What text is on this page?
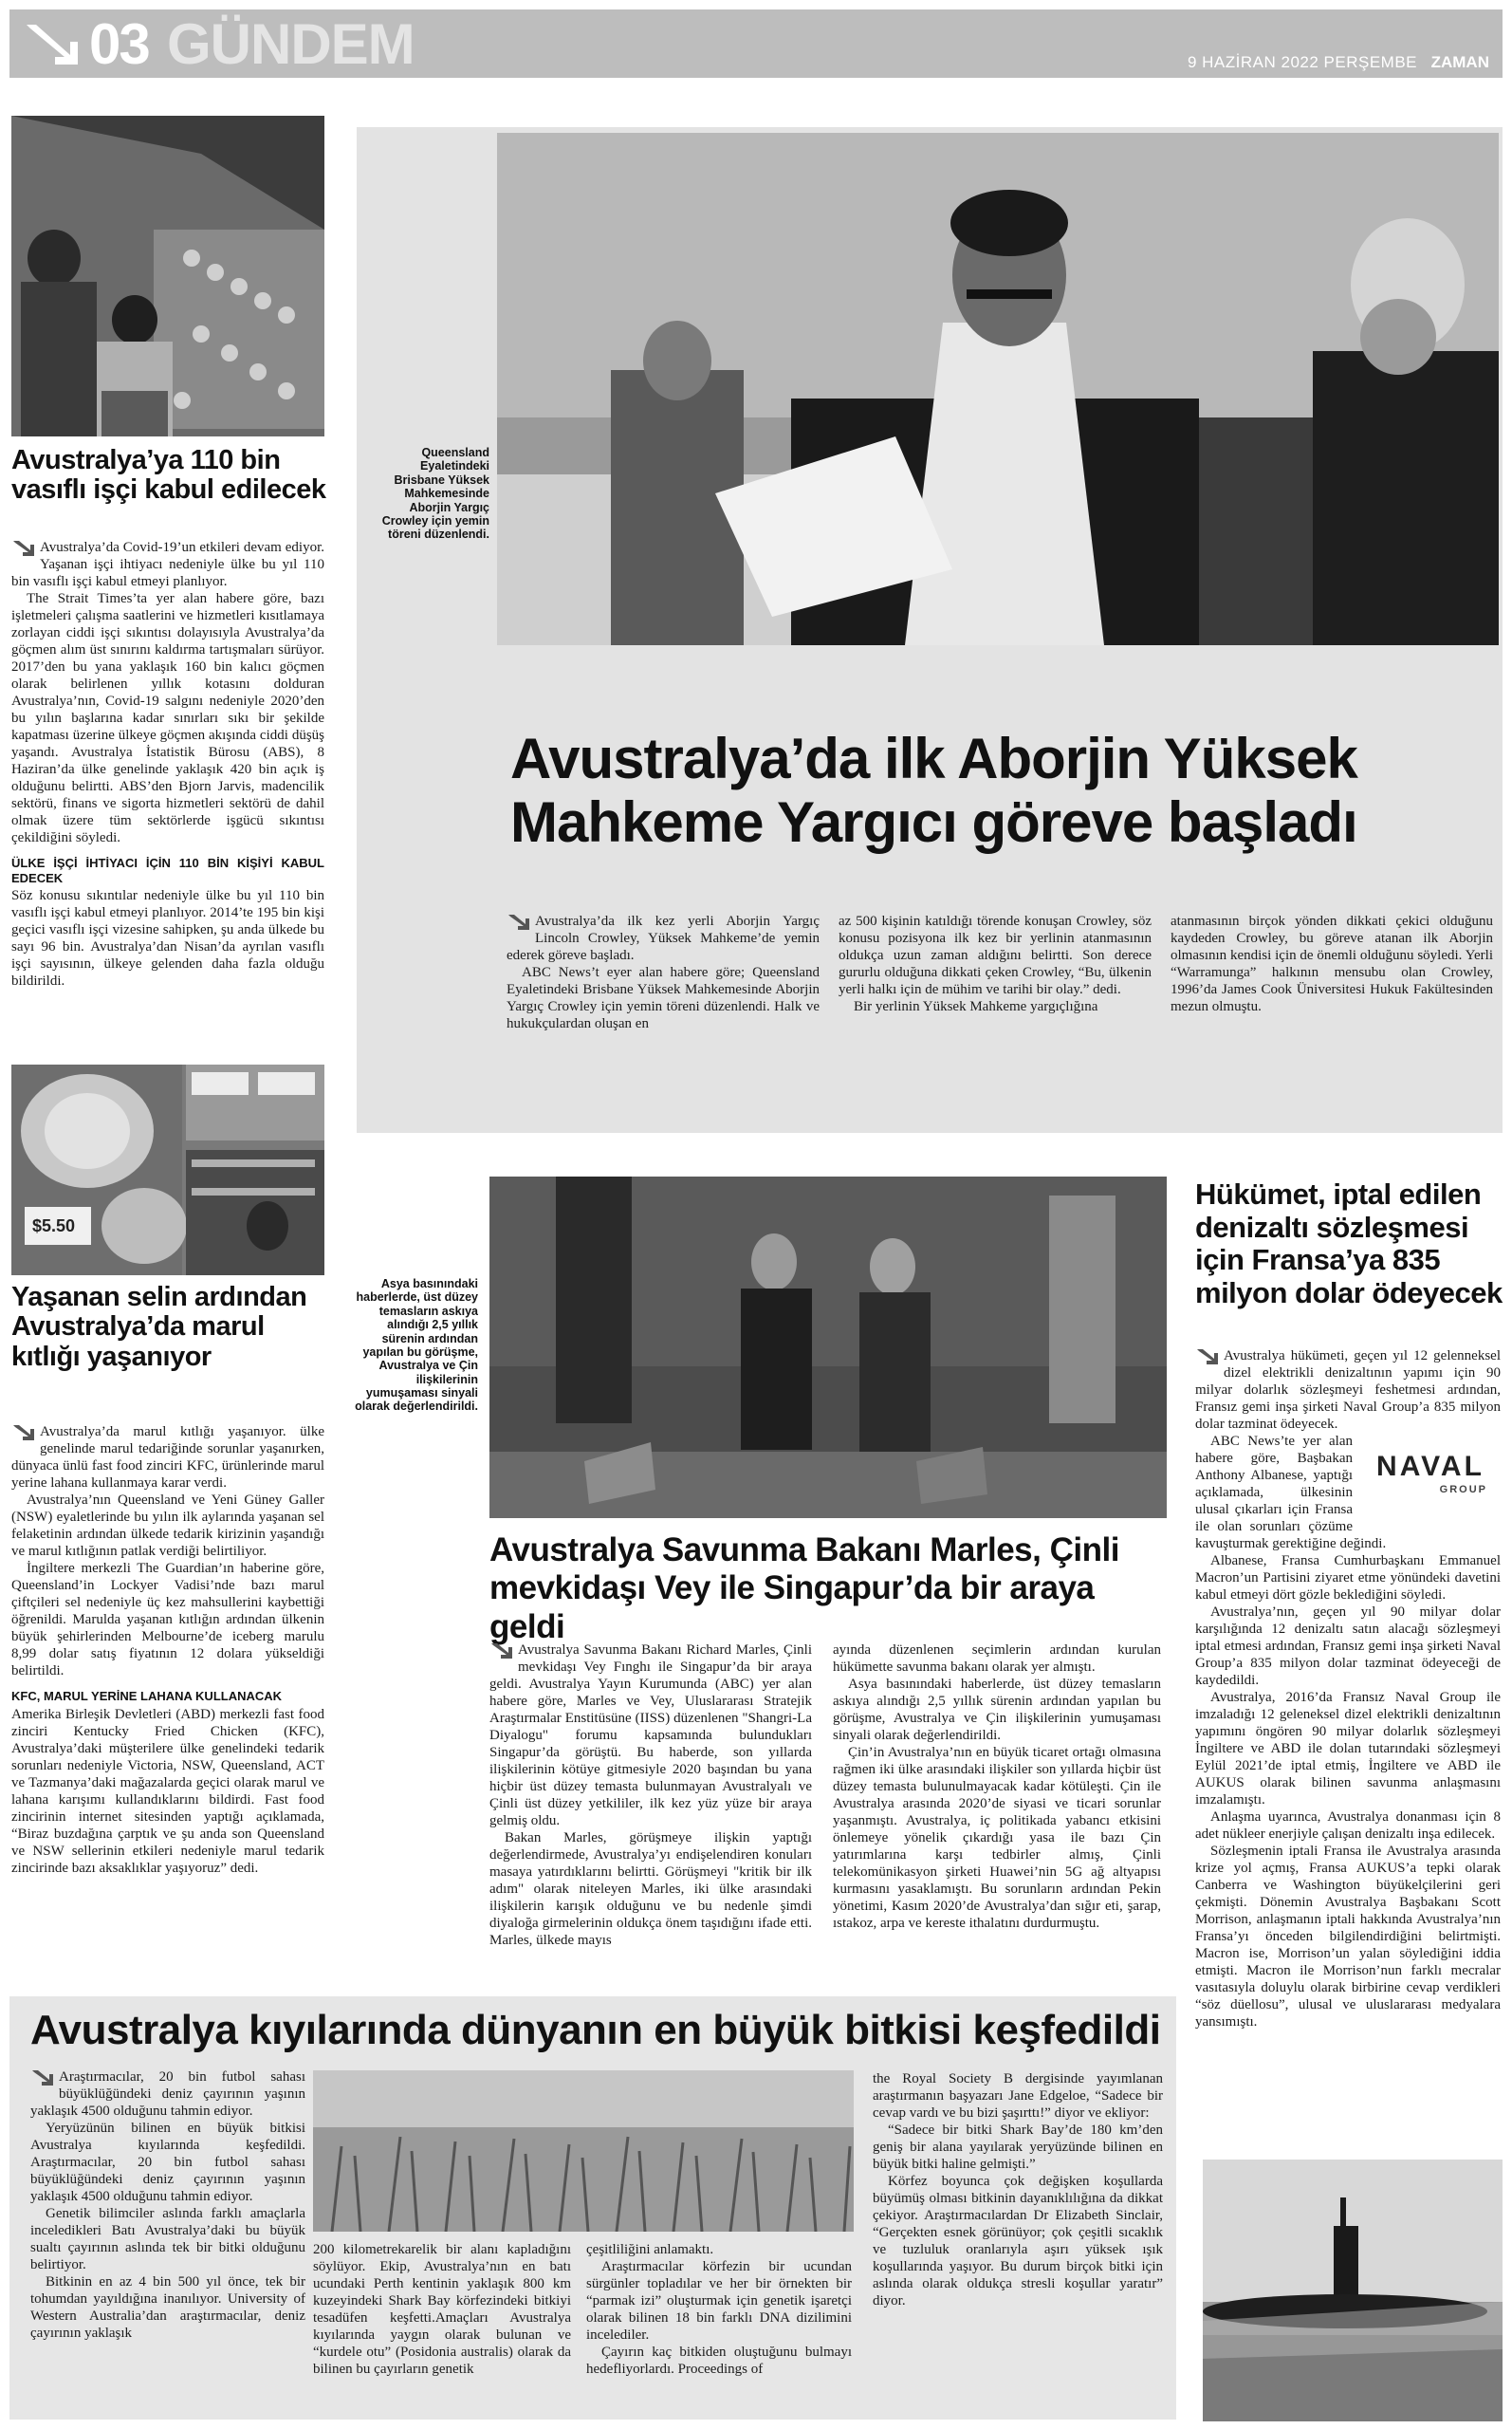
03 GÜNDEM	9 HAZİRAN 2022 PERŞEMBE ZAMAN
Avustralya’ya 110 bin vasıflı işçi kabul edilecek

Avustralya’da Covid-19’un etkileri devam ediyor. Yaşanan işçi ihtiyacı nedeniyle ülke bu yıl 110 bin vasıflı işçi kabul etmeyi planlıyor.

The Strait Times’ta yer alan habere göre, bazı işletmeleri çalışma saatlerini ve hizmetleri kısıtlamaya zorlayan ciddi işçi sıkıntısı dolayısıyla Avustralya’da göçmen alım üst sınırını kaldırma tartışmaları sürüyor. 2017’den bu yana yaklaşık 160 bin kalıcı göçmen olarak belirlenen yıllık kotasını dolduran Avustralya’nın, Covid-19 salgını nedeniyle 2020’den bu yılın başlarına kadar sınırları sıkı bir şekilde kapatması üzerine ülkeye göçmen akışında ciddi düşüş yaşandı. Avustralya İstatistik Bürosu (ABS), 8 Haziran’da ülke genelinde yaklaşık 420 bin açık iş olduğunu belirtti. ABS’den Bjorn Jarvis, madencilik sektörü, finans ve sigorta hizmetleri sektörü de dahil olmak üzere tüm sektörlerde işgücü sıkıntısı çekildiğini söyledi.

ÜLKE İŞÇİ İHTİYACI İÇİN 110 BİN KİŞİYİ KABUL EDECEK

Söz konusu sıkıntılar nedeniyle ülke bu yıl 110 bin vasıflı işçi kabul etmeyi planlıyor. 2014’te 195 bin kişi geçici vasıflı işçi vizesine sahipken, şu anda ülkede bu sayı 96 bin. Avustralya’dan Nisan’da ayrılan vasıflı işçi sayısının, ülkeye gelenden daha fazla olduğu bildirildi.

Queensland Eyaletindeki Brisbane Yüksek Mahkemesinde Aborjin Yargıç Crowley için yemin töreni düzenlendi.
Avustralya’da ilk Aborjin Yüksek Mahkeme Yargıcı göreve başladı

Avustralya’da ilk kez yerli Aborjin Yargıç Lincoln Crowley, Yüksek Mahkeme’de yemin ederek göreve başladı.

ABC News’t eyer alan habere göre; Queensland Eyaletindeki Brisbane Yüksek Mahkemesinde Aborjin Yargıç Crowley için yemin töreni düzenlendi. Halk ve hukukçulardan oluşan en

az 500 kişinin katıldığı törende konuşan Crowley, söz konusu pozisyona ilk kez bir yerlinin atanmasının oldukça uzun zaman aldığını belirtti. Son derece gururlu olduğuna dikkati çeken Crowley, “Bu, ülkenin yerli halkı için de mühim ve tarihi bir olay.” dedi.

Bir yerlinin Yüksek Mahkeme yargıçlığına

atanmasının birçok yönden dikkati çekici olduğunu kaydeden Crowley, bu göreve atanan ilk Aborjin olmasının kendisi için de önemli olduğunu söyledi. Yerli “Warramunga” halkının mensubu olan Crowley, 1996’da James Cook Üniversitesi Hukuk Fakültesinden mezun olmuştu.

$5.50
Yaşanan selin ardından Avustralya’da marul kıtlığı yaşanıyor

Avustralya’da marul kıtlığı yaşanıyor. ülke genelinde marul tedariğinde sorunlar yaşanırken, dünyaca ünlü fast food zinciri KFC, ürünlerinde marul yerine lahana kullanmaya karar verdi.

Avustralya’nın Queensland ve Yeni Güney Galler (NSW) eyaletlerinde bu yılın ilk aylarında yaşanan sel felaketinin ardından ülkede tedarik kirizinin yaşandığı ve marul kıtlığının patlak verdiği belirtiliyor.

İngiltere merkezli The Guardian’ın haberine göre, Queensland’in Lockyer Vadisi’nde bazı marul çiftçileri sel nedeniyle üç kez mahsullerini kaybettiği öğrenildi. Marulda yaşanan kıtlığın ardından ülkenin büyük şehirlerinden Melbourne’de iceberg marulu 8,99 dolar satış fiyatının 12 dolara yükseldiği belirtildi.

KFC, MARUL YERİNE LAHANA KULLANACAK

Amerika Birleşik Devletleri (ABD) merkezli fast food zinciri Kentucky Fried Chicken (KFC), Avustralya’daki müşterilere ülke genelindeki tedarik sorunları nedeniyle Victoria, NSW, Queensland, ACT ve Tazmanya’daki mağazalarda geçici olarak marul ve lahana karışımı kullandıklarını bildirdi. Fast food zincirinin internet sitesinden yaptığı açıklamada, “Biraz buzdağına çarptık ve şu anda son Queensland ve NSW sellerinin etkileri nedeniyle marul tedarik zincirinde bazı aksaklıklar yaşıyoruz” dedi.

Asya basınındaki haberlerde, üst düzey temasların askıya alındığı 2,5 yıllık sürenin ardından yapılan bu görüşme, Avustralya ve Çin ilişkilerinin yumuşaması sinyali olarak değerlendirildi.
Avustralya Savunma Bakanı Marles, Çinli mevkidaşı Vey ile Singapur’da bir araya geldi

Avustralya Savunma Bakanı Richard Marles, Çinli mevkidaşı Vey Fınghı ile Singapur’da bir araya geldi. Avustralya Yayın Kurumunda (ABC) yer alan habere göre, Marles ve Vey, Uluslararası Stratejik Araştırmalar Enstitüsüne (IISS) düzenlenen "Shangri-La Diyalogu" forumu kapsamında bulundukları Singapur’da görüştü. Bu haberde, son yıllarda ilişkilerinin kötüye gitmesiyle 2020 başından bu yana hiçbir üst düzey temasta bulunmayan Avustralyalı ve Çinli üst düzey yetkililer, ilk kez yüz yüze bir araya gelmiş oldu.

Bakan Marles, görüşmeye ilişkin yaptığı değerlendirmede, Avustralya’yı endişelendiren konuları masaya yatırdıklarını belirtti. Görüşmeyi "kritik bir ilk adım" olarak niteleyen Marles, iki ülke arasındaki ilişkilerin karışık olduğunu ve bu nedenle şimdi diyaloğa girmelerinin oldukça önem taşıdığını ifade etti. Marles, ülkede mayıs

ayında düzenlenen seçimlerin ardından kurulan hükümette savunma bakanı olarak yer almıştı.

Asya basınındaki haberlerde, üst düzey temasların askıya alındığı 2,5 yıllık sürenin ardından yapılan bu görüşme, Avustralya ve Çin ilişkilerinin yumuşaması sinyali olarak değerlendirildi.

Çin’in Avustralya’nın en büyük ticaret ortağı olmasına rağmen iki ülke arasındaki ilişkiler son yıllarda hiçbir üst düzey temasta bulunulmayacak kadar kötüleşti. Çin ile Avustralya arasında 2020’de siyasi ve ticari sorunlar yaşanmıştı. Avustralya, iç politikada yabancı etkisini önlemeye yönelik çıkardığı yasa ile bazı Çin yatırımlarına karşı tedbirler almış, Çinli telekomünikasyon şirketi Huawei’nin 5G ağ altyapısı kurmasını yasaklamıştı. Bu sorunların ardından Pekin yönetimi, Kasım 2020’de Avustralya’dan sığır eti, şarap, ıstakoz, arpa ve kereste ithalatını durdurmuştu.

Hükümet, iptal edilen denizaltı sözleşmesi için Fransa’ya 835 milyon dolar ödeyecek

Avustralya hükümeti, geçen yıl 12 gelenneksel dizel elektrikli denizaltının yapımı için 90 milyar dolarlık sözleşmeyi feshetmesi ardından, Fransız gemi inşa şirketi Naval Group’a 835 milyon dolar tazminat ödeyecek.

NAVAL
GROUP

ABC News’te yer alan habere göre, Başbakan Anthony Albanese, yaptığı açıklamada, ülkesinin ulusal çıkarları için Fransa ile olan sorunları çözüme kavuşturmak gerektiğine değindi.

Albanese, Fransa Cumhurbaşkanı Emmanuel Macron’un Partisini ziyaret etme yönündeki davetini kabul etmeyi dört gözle beklediğini söyledi.

Avustralya’nın, geçen yıl 90 milyar dolar karşılığında 12 denizaltı satın alacağı sözleşmeyi iptal etmesi ardından, Fransız gemi inşa şirketi Naval Group’a 835 milyon dolar tazminat ödeyeceği de kaydedildi.

Avustralya, 2016’da Fransız Naval Group ile imzaladığı 12 geleneksel dizel elektrikli denizaltının yapımını öngören 90 milyar dolarlık sözleşmeyi İngiltere ve ABD ile dolan tutarındaki sözleşmeyi Eylül 2021’de iptal etmiş, İngiltere ve ABD ile AUKUS olarak bilinen savunma anlaşmasını imzalamıştı.

Anlaşma uyarınca, Avustralya donanması için 8 adet nükleer enerjiyle çalışan denizaltı inşa edilecek.

Sözleşmenin iptali Fransa ile Avustralya arasında krize yol açmış, Fransa AUKUS’a tepki olarak Canberra ve Washington büyükelçilerini geri çekmişti. Dönemin Avustralya Başbakanı Scott Morrison, anlaşmanın iptali hakkında Avustralya’nın Fransa’yı önceden bilgilendirdiğini belirtmişti. Macron ise, Morrison’un yalan söylediğini iddia etmişti. Macron ile Morrison’nun farklı mecralar vasıtasıyla doluylu olarak birbirine cevap verdikleri “söz düellosu”, ulusal ve uluslararası medyalara yansımıştı.

Avustralya kıyılarında dünyanın en büyük bitkisi keşfedildi

Araştırmacılar, 20 bin futbol sahası büyüklüğündeki deniz çayırının yaşının yaklaşık 4500 olduğunu tahmin ediyor.

Yeryüzünün bilinen en büyük bitkisi Avustralya kıyılarında keşfedildi. Araştırmacılar, 20 bin futbol sahası büyüklüğündeki deniz çayırının yaşının yaklaşık 4500 olduğunu tahmin ediyor.

Genetik bilimciler aslında farklı amaçlarla inceledikleri Batı Avustralya’daki bu büyük sualtı çayırının aslında tek bir bitki olduğunu belirtiyor.

Bitkinin en az 4 bin 500 yıl önce, tek bir tohumdan yayıldığına inanılıyor. University of Western Australia’dan araştırmacılar, deniz çayırının yaklaşık

200 kilometrekarelik bir alanı kapladığını söylüyor. Ekip, Avustralya’nın en batı ucundaki Perth kentinin yaklaşık 800 km kuzeyindeki Shark Bay körfezindeki bitkiyi tesadüfen keşfetti.Amaçları Avustralya kıyılarında yaygın olarak bulunan ve “kurdele otu” (Posidonia australis) olarak da bilinen bu çayırların genetik

çeşitliliğini anlamaktı.

Araştırmacılar körfezin bir ucundan sürgünler topladılar ve her bir örnekten bir “parmak izi” oluşturmak için genetik işaretçi olarak bilinen 18 bin farklı DNA dizilimini incelediler.

Çayırın kaç bitkiden oluştuğunu bulmayı hedefliyorlardı. Proceedings of

the Royal Society B dergisinde yayımlanan araştırmanın başyazarı Jane Edgeloe, “Sadece bir cevap vardı ve bu bizi şaşırttı!” diyor ve ekliyor:

“Sadece bir bitki Shark Bay’de 180 km’den geniş bir alana yayılarak yeryüzünde bilinen en büyük bitki haline gelmişti.”

Körfez boyunca çok değişken koşullarda büyümüş olması bitkinin dayanıklılığına da dikkat çekiyor. Araştırmacılardan Dr Elizabeth Sinclair, “Gerçekten esnek görünüyor; çok çeşitli sıcaklık ve tuzluluk oranlarıyla aşırı yüksek ışık koşullarında yaşıyor. Bu durum birçok bitki için aslında olarak oldukça stresli koşullar yaratır” diyor.
